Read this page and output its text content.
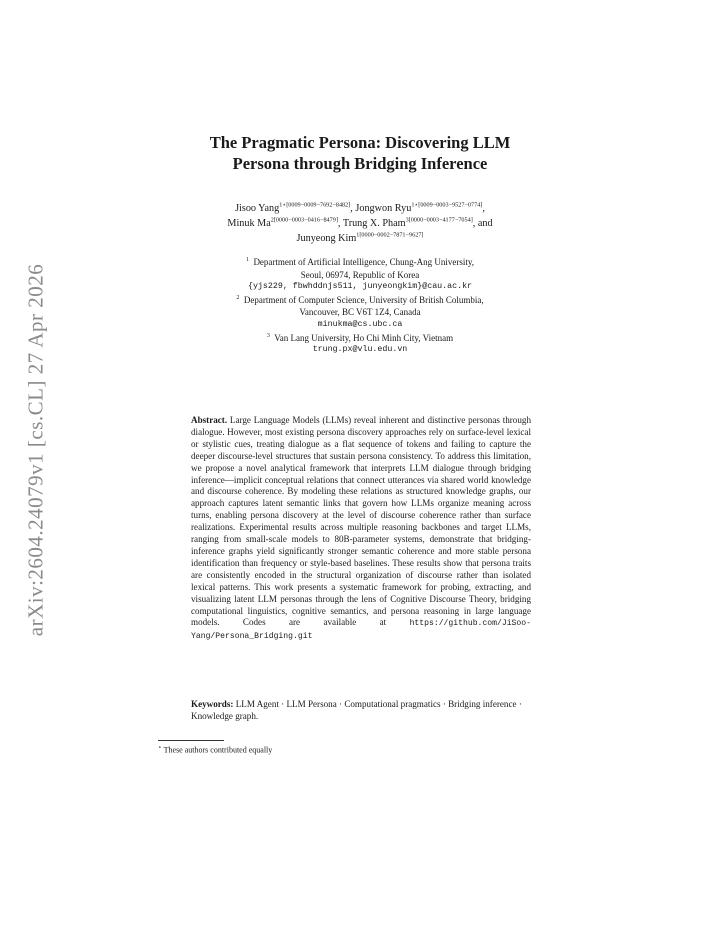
arXiv:2604.24079v1 [cs.CL] 27 Apr 2026
The Pragmatic Persona: Discovering LLM
Persona through Bridging Inference
Jisoo Yang$^{1⋆[0009-0009-7692-8482]}$, Jongwon Ryu$^{1⋆[0009-0003-9527-0774]}$,
Minuk $Ma^{2[0000-0003-0416-8479]}$, Trung X. Pham$^{3[0000-0003-4177-7054]}$, and
Junyeong Kim$^{1[0000-0002-7871-9627]}$
$^1$ Department of Artificial Intelligence, Chung-Ang University,
Seoul, 06974, Republic of Korea
{yjs229, fbwhddnjs511, junyeongkim}@cau.ac.kr
$^2$ Department of Computer Science, University of British Columbia,
Vancouver, BC V6T 1Z4, Canada
minukma@cs.ubc.ca
$^3$ Van Lang University, Ho Chi Minh City, Vietnam
trung.px@vlu.edu.vn
Abstract. Large Language Models (LLMs) reveal inherent and distinctive personas through dialogue. However, most existing persona discovery approaches rely on surface-level lexical or stylistic cues, treating dialogue as a flat sequence of tokens and failing to capture the deeper discourse-level structures that sustain persona consistency. To address this limitation, we propose a novel analytical framework that interprets LLM dialogue through bridging inference—implicit conceptual relations that connect utterances via shared world knowledge and discourse coherence. By modeling these relations as structured knowledge graphs, our approach captures latent semantic links that govern how LLMs organize meaning across turns, enabling persona discovery at the level of discourse coherence rather than surface realizations. Experimental results across multiple reasoning backbones and target LLMs, ranging from small-scale models to 80B-parameter systems, demonstrate that bridging-inference graphs yield significantly stronger semantic coherence and more stable persona identification than frequency or style-based baselines. These results show that persona traits are consistently encoded in the structural organization of discourse rather than isolated lexical patterns. This work presents a systematic framework for probing, extracting, and visualizing latent LLM personas through the lens of Cognitive Discourse Theory, bridging computational linguistics, cognitive semantics, and persona reasoning in large language models. Codes are available at	https://github.com/JiSoo-Yang/Persona_Bridging.git
Keywords: LLM Agent · LLM Persona · Computational pragmatics · Bridging inference · Knowledge graph.
⋆ These authors contributed equally
